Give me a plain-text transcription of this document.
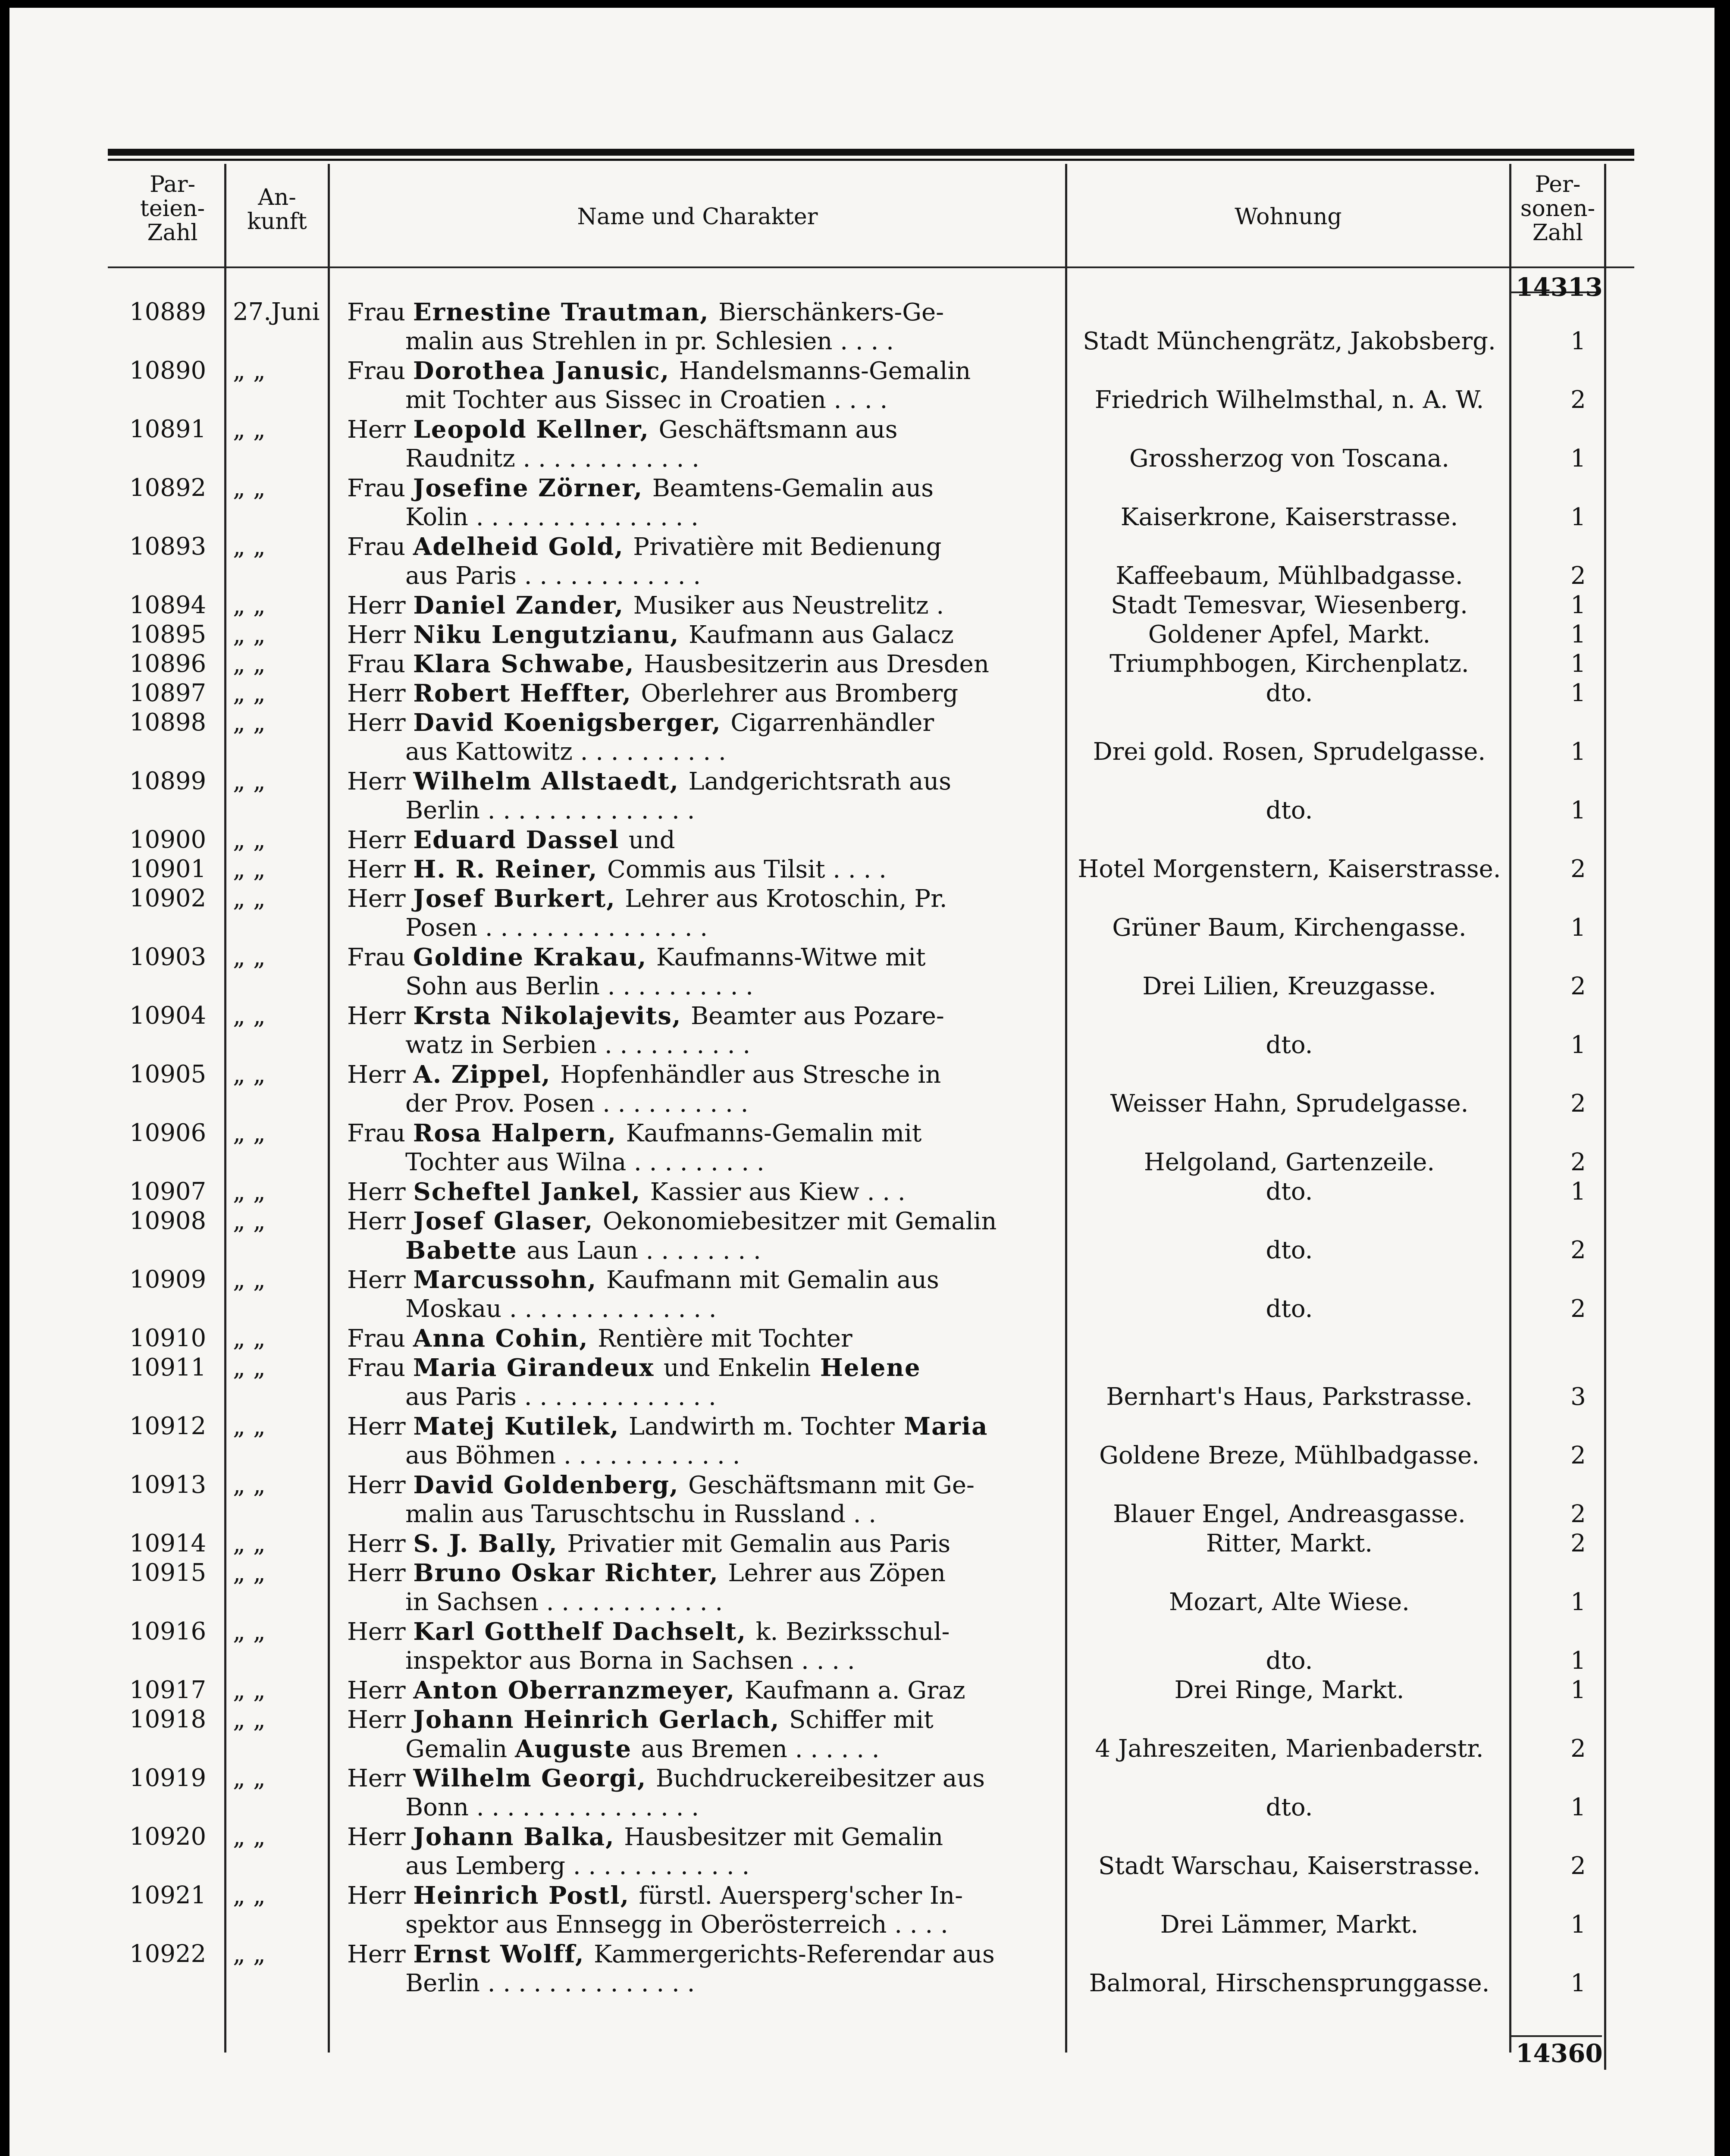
Par-
teien-
Zahl
An-
kunft	Name und Charakter	Wohnung
Per-
sonen-
Zahl
14313
10889	27.Juni	Frau Ernestine Trautman, Bierschänkers-Ge-
malin aus Strehlen in pr. Schlesien . . . .	Stadt Münchengrätz, Jakobsberg.	1
10890	„ „	Frau Dorothea Janusic, Handelsmanns-Gemalin
mit Tochter aus Sissec in Croatien . . . .	Friedrich Wilhelmsthal, n. A. W.	2
10891	„ „	Herr Leopold Kellner, Geschäftsmann aus
Raudnitz . . . . . . . . . . . .	Grossherzog von Toscana.	1
10892	„ „	Frau Josefine Zörner, Beamtens-Gemalin aus
Kolin . . . . . . . . . . . . . . .	Kaiserkrone, Kaiserstrasse.	1
10893	„ „	Frau Adelheid Gold, Privatière mit Bedienung
aus Paris . . . . . . . . . . . .	Kaffeebaum, Mühlbadgasse.	2
10894	„ „	Herr Daniel Zander, Musiker aus Neustrelitz .	Stadt Temesvar, Wiesenberg.	1
10895	„ „	Herr Niku Lengutzianu, Kaufmann aus Galacz	Goldener Apfel, Markt.	1
10896	„ „	Frau Klara Schwabe, Hausbesitzerin aus Dresden	Triumphbogen, Kirchenplatz.	1
10897	„ „	Herr Robert Heffter, Oberlehrer aus Bromberg	dto.	1
10898	„ „	Herr David Koenigsberger, Cigarrenhändler
aus Kattowitz . . . . . . . . . .	Drei gold. Rosen, Sprudelgasse.	1
10899	„ „	Herr Wilhelm Allstaedt, Landgerichtsrath aus
Berlin . . . . . . . . . . . . . .	dto.	1
10900	„ „	Herr Eduard Dassel und
10901	„ „	Herr H. R. Reiner, Commis aus Tilsit . . . .	Hotel Morgenstern, Kaiserstrasse.	2
10902	„ „	Herr Josef Burkert, Lehrer aus Krotoschin, Pr.
Posen . . . . . . . . . . . . . . .	Grüner Baum, Kirchengasse.	1
10903	„ „	Frau Goldine Krakau, Kaufmanns-Witwe mit
Sohn aus Berlin . . . . . . . . . .	Drei Lilien, Kreuzgasse.	2
10904	„ „	Herr Krsta Nikolajevits, Beamter aus Pozare-
watz in Serbien . . . . . . . . . .	dto.	1
10905	„ „	Herr A. Zippel, Hopfenhändler aus Stresche in
der Prov. Posen . . . . . . . . . .	Weisser Hahn, Sprudelgasse.	2
10906	„ „	Frau Rosa Halpern, Kaufmanns-Gemalin mit
Tochter aus Wilna . . . . . . . . .	Helgoland, Gartenzeile.	2
10907	„ „	Herr Scheftel Jankel, Kassier aus Kiew . . .	dto.	1
10908	„ „	Herr Josef Glaser, Oekonomiebesitzer mit Gemalin
Babette aus Laun . . . . . . . .	dto.	2
10909	„ „	Herr Marcussohn, Kaufmann mit Gemalin aus
Moskau . . . . . . . . . . . . . .	dto.	2
10910	„ „	Frau Anna Cohin, Rentière mit Tochter
10911	„ „	Frau Maria Girandeux und Enkelin Helene
aus Paris . . . . . . . . . . . . .	Bernhart's Haus, Parkstrasse.	3
10912	„ „	Herr Matej Kutilek, Landwirth m. Tochter Maria
aus Böhmen . . . . . . . . . . . .	Goldene Breze, Mühlbadgasse.	2
10913	„ „	Herr David Goldenberg, Geschäftsmann mit Ge-
malin aus Taruschtschu in Russland . .	Blauer Engel, Andreasgasse.	2
10914	„ „	Herr S. J. Bally, Privatier mit Gemalin aus Paris	Ritter, Markt.	2
10915	„ „	Herr Bruno Oskar Richter, Lehrer aus Zöpen
in Sachsen . . . . . . . . . . . .	Mozart, Alte Wiese.	1
10916	„ „	Herr Karl Gotthelf Dachselt, k. Bezirksschul-
inspektor aus Borna in Sachsen . . . .	dto.	1
10917	„ „	Herr Anton Oberranzmeyer, Kaufmann a. Graz	Drei Ringe, Markt.	1
10918	„ „	Herr Johann Heinrich Gerlach, Schiffer mit
Gemalin Auguste aus Bremen . . . . . .	4 Jahreszeiten, Marienbaderstr.	2
10919	„ „	Herr Wilhelm Georgi, Buchdruckereibesitzer aus
Bonn . . . . . . . . . . . . . . .	dto.	1
10920	„ „	Herr Johann Balka, Hausbesitzer mit Gemalin
aus Lemberg . . . . . . . . . . . .	Stadt Warschau, Kaiserstrasse.	2
10921	„ „	Herr Heinrich Postl, fürstl. Auersperg'scher In-
spektor aus Ennsegg in Oberösterreich . . . .	Drei Lämmer, Markt.	1
10922	„ „	Herr Ernst Wolff, Kammergerichts-Referendar aus
Berlin . . . . . . . . . . . . . .	Balmoral, Hirschensprunggasse.	1
14360
